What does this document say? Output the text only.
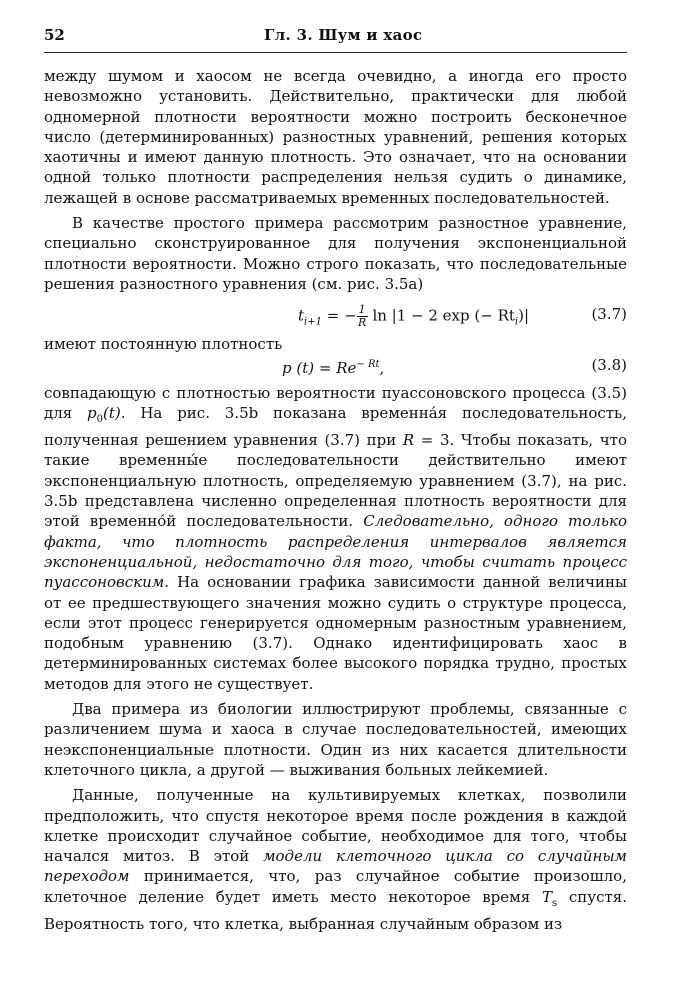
52	Гл. 3. Шум и хаос

между шумом и хаосом не всегда очевидно, а иногда его просто невозможно установить. Действительно, практически для любой одномерной плотности вероятности можно построить бесконечное число (детерминированных) разностных уравнений, решения которых хаотичны и имеют данную плотность. Это означает, что на основании одной только плотности распределения нельзя судить о динамике, лежащей в основе рассматриваемых временных последовательностей.

В качестве простого примера рассмотрим разностное уравнение, специально сконструированное для получения экспоненциальной плотности вероятности. Можно строго показать, что последовательные решения разностного уравнения (см. рис. 3.5a)

$t_{i+1}$ = − $\frac{1}{R}$ ln |1 − 2 exp (− $Rt_i)|$	(3.7)

имеют постоянную плотность

p $(t) = Re^{- Rt}$,	(3.8)

совпадающую с плотностью вероятности пуассоновского процесса (3.5) для $p_0(t)$. На рис. 3.5b показана временна́я последовательность, полученная решением уравнения (3.7) при R = 3. Чтобы показать, что такие временны́е последовательности действительно имеют экспоненциальную плотность, определяемую уравнением (3.7), на рис. 3.5b представлена численно определенная плотность вероятности для этой временно́й последовательности. Следовательно, одного только факта, что плотность распределения интервалов является экспоненциальной, недостаточно для того, чтобы считать процесс пуассоновским. На основании графика зависимости данной величины от ее предшествующего значения можно судить о структуре процесса, если этот процесс генерируется одномерным разностным уравнением, подобным уравнению (3.7). Однако идентифицировать хаос в детерминированных системах более высокого порядка трудно, простых методов для этого не существует.

Два примера из биологии иллюстрируют проблемы, связанные с различением шума и хаоса в случае последовательностей, имеющих неэкспоненциальные плотности. Один из них касается длительности клеточного цикла, а другой — выживания больных лейкемией.

Данные, полученные на культивируемых клетках, позволили предположить, что спустя некоторое время после рождения в каждой клетке происходит случайное событие, необходимое для того, чтобы начался митоз. В этой модели клеточного цикла со случайным переходом принимается, что, раз случайное событие произошло, клеточное деление будет иметь место некоторое время $T_s$ спустя. Вероятность того, что клетка, выбранная случайным образом из
